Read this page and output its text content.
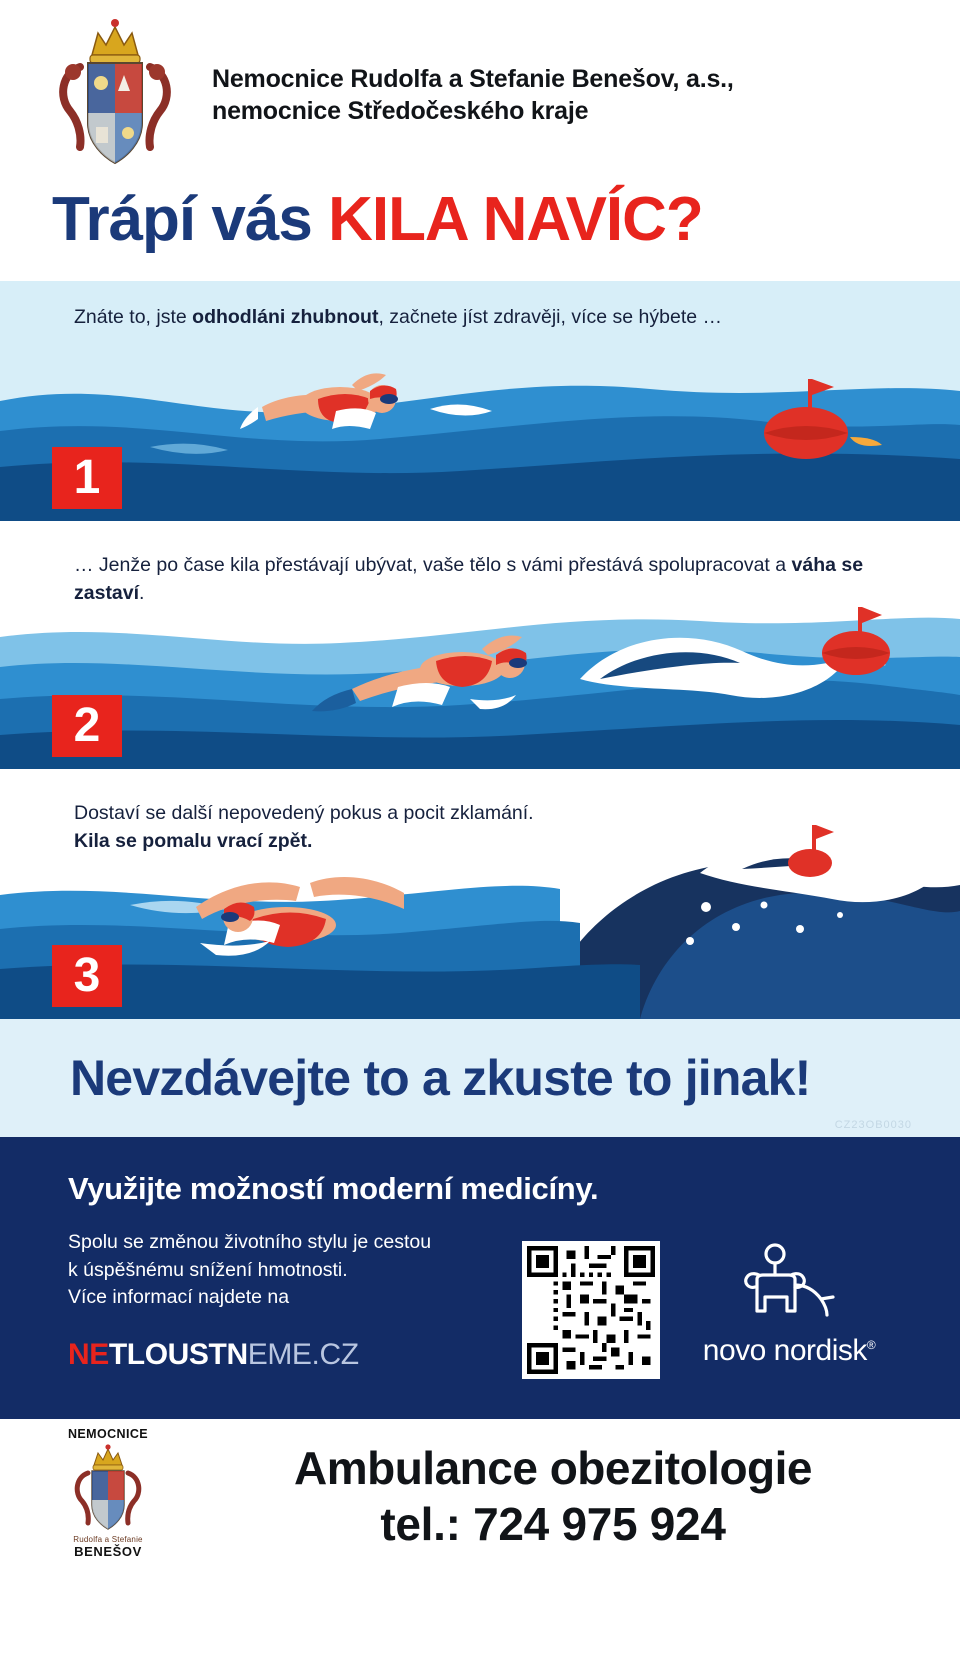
Nemocnice Rudolfa a Stefanie Benešov, a.s.,
nemocnice Středočeského kraje
Trápí vás KILA NAVÍC?
Znáte to, jste odhodláni zhubnout, začnete jíst zdravěji, více se hýbete …
1
… Jenže po čase kila přestávají ubývat, vaše tělo s vámi přestává spolupracovat a váha se zastaví.
2
Dostaví se další nepovedený pokus a pocit zklamání.
Kila se pomalu vrací zpět.
3
Nevzdávejte to a zkuste to jinak!
CZ23OB0030
Využijte možností moderní medicíny.

Spolu se změnou životního stylu je cestou

k úspěšnému snížení hmotnosti.

Více informací najdete na

NETLOUSTNEME.CZ	novo nordisk®
NEMOCNICE
Rudolfa a Stefanie
BENEŠOV
Ambulance obezitologie
tel.: 724 975 924
